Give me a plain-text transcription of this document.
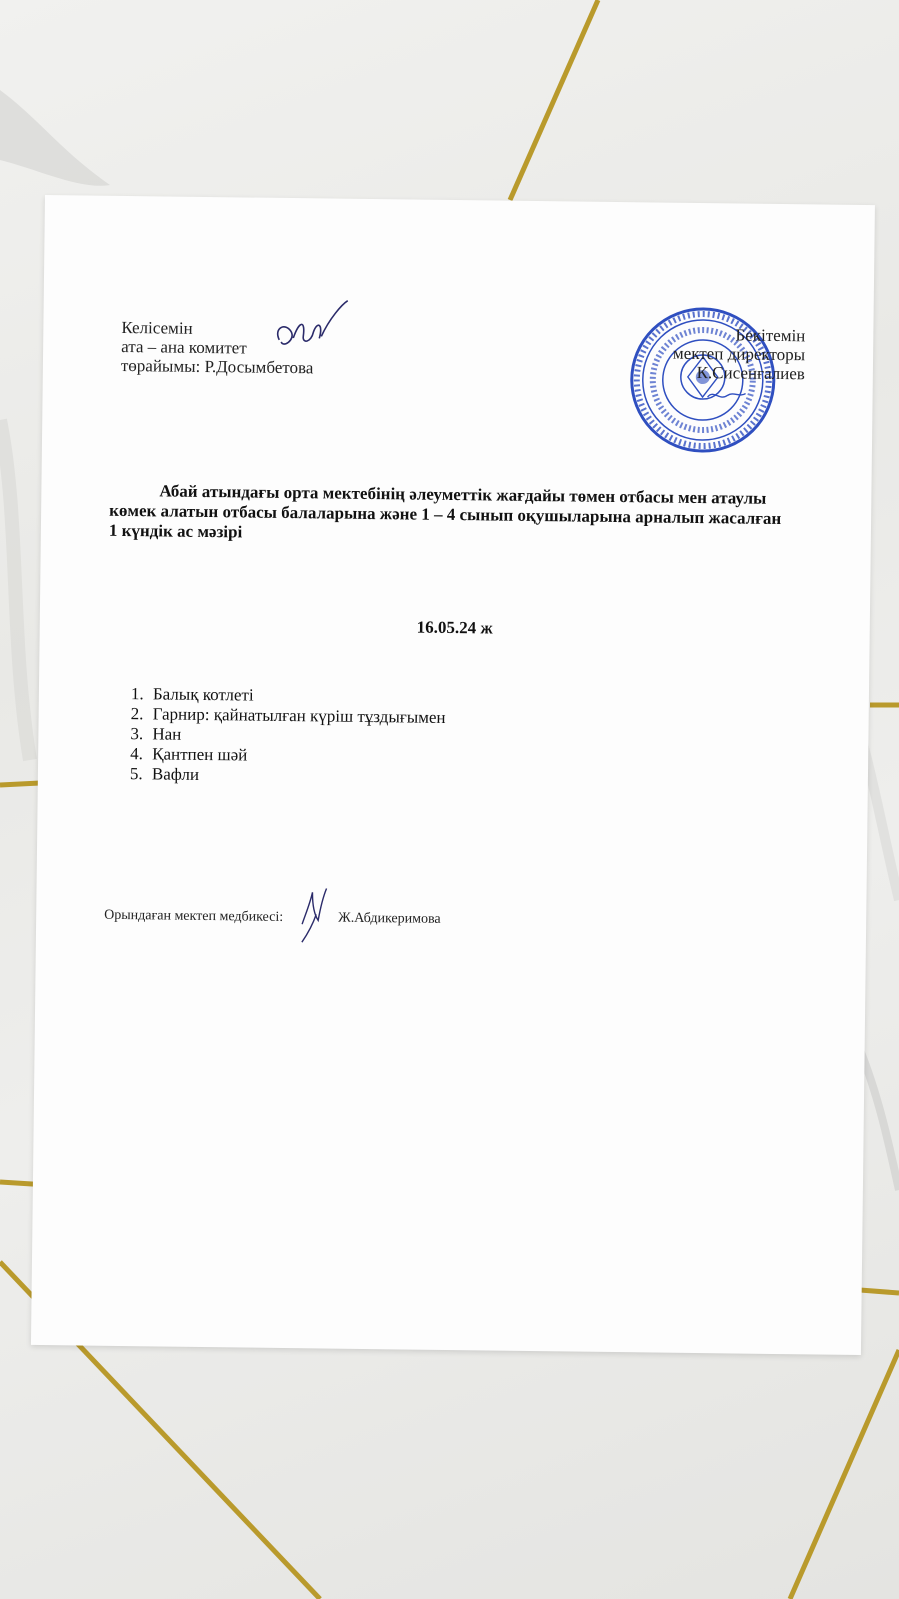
Келісемін
ата – ана комитет
төрайымы: Р.Досымбетова
Бекітемін
мектеп директоры
К.Сисенғалиев
Абай атындағы орта мектебінің әлеуметтік жағдайы төмен отбасы мен атаулы көмек алатын отбасы балаларына және 1 – 4 сынып оқушыларына арналып жасалған 1 күндік ас мәзірі
16.05.24 ж
1. Балық котлеті
2. Гарнир: қайнатылған күріш тұздығымен
3. Нан
4. Қантпен шәй
5. Вафли
Орындаған мектеп медбикесі:	Ж.Абдикеримова
